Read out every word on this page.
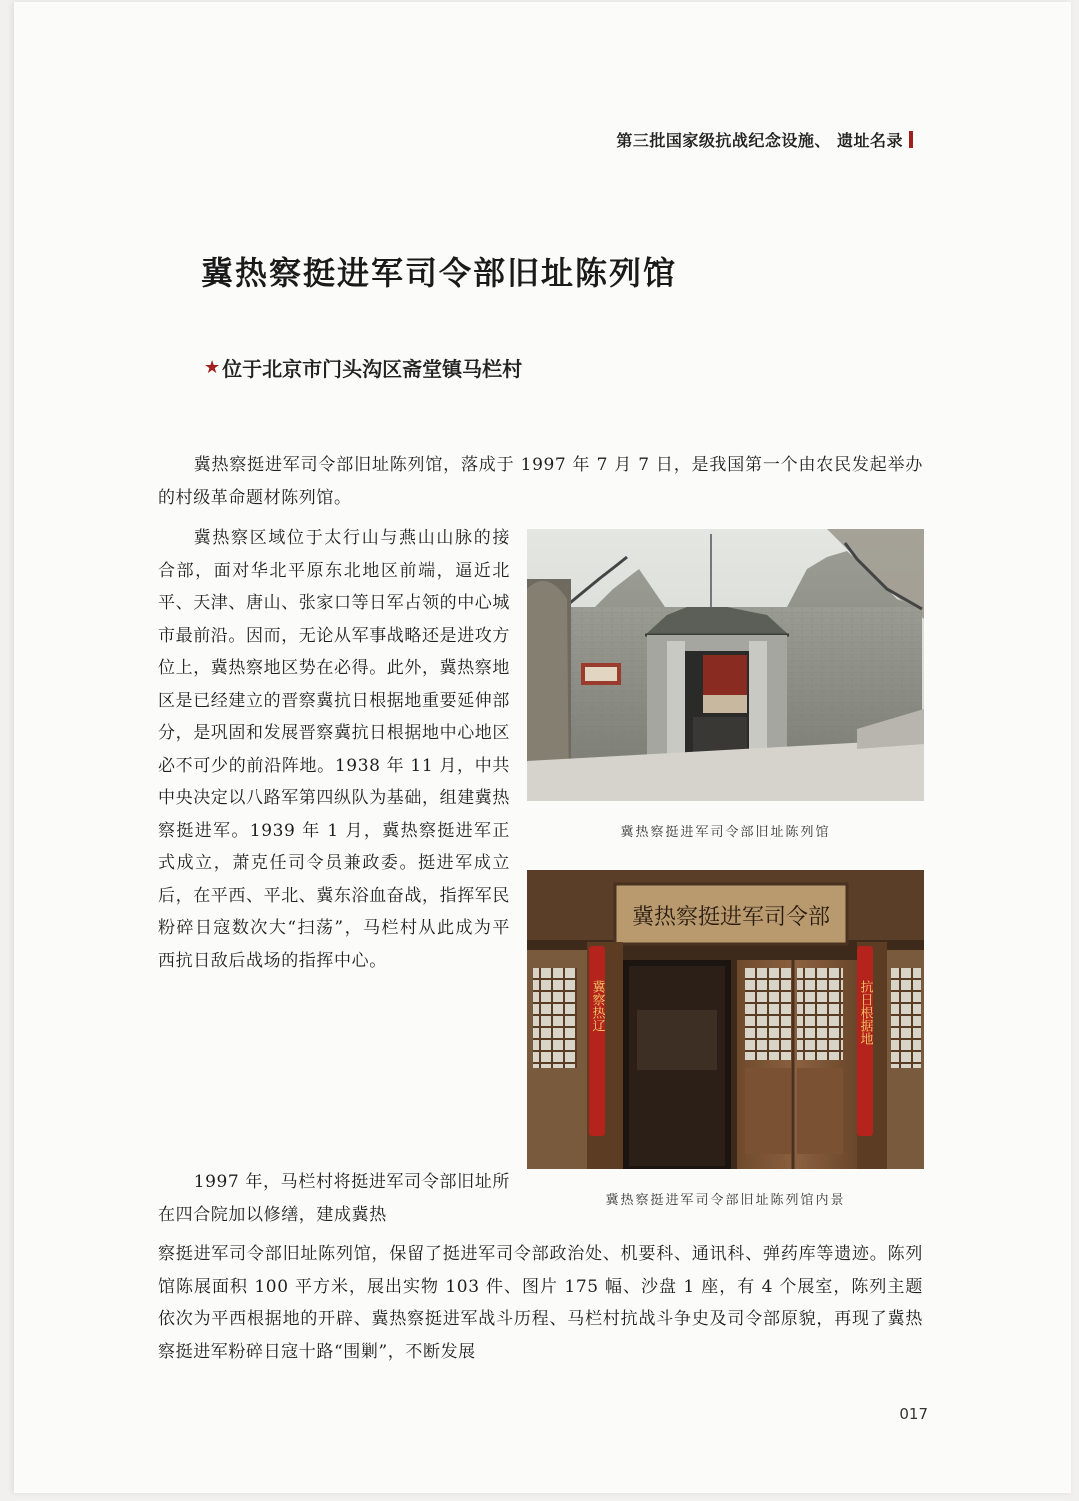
第三批国家级抗战纪念设施、 遗址名录
冀热察挺进军司令部旧址陈列馆
★ 位于北京市门头沟区斋堂镇马栏村

冀热察挺进军司令部旧址陈列馆，落成于 1997 年 7 月 7 日，是我国第一个由农民发起举办的村级革命题材陈列馆。

冀热察区域位于太行山与燕山山脉的接合部，面对华北平原东北地区前端，逼近北平、天津、唐山、张家口等日军占领的中心城市最前沿。因而，无论从军事战略还是进攻方位上，冀热察地区势在必得。此外，冀热察地区是已经建立的晋察冀抗日根据地重要延伸部分，是巩固和发展晋察冀抗日根据地中心地区必不可少的前沿阵地。1938 年 11 月，中共中央决定以八路军第四纵队为基础，组建冀热察挺进军。1939 年 1 月，冀热察挺进军正式成立，萧克任司令员兼政委。挺进军成立后，在平西、平北、冀东浴血奋战，指挥军民粉碎日寇数次大“扫荡”，马栏村从此成为平西抗日敌后战场的指挥中心。

1997 年，马栏村将挺进军司令部旧址所在四合院加以修缮，建成冀热

察挺进军司令部旧址陈列馆，保留了挺进军司令部政治处、机要科、通讯科、弹药库等遗迹。陈列馆陈展面积 100 平方米，展出实物 103 件、图片 175 幅、沙盘 1 座，有 4 个展室，陈列主题依次为平西根据地的开辟、冀热察挺进军战斗历程、马栏村抗战斗争史及司令部原貌，再现了冀热察挺进军粉碎日寇十路“围剿”，不断发展

冀热察挺进军司令部旧址陈列馆
冀热察挺进军司令部
冀察热辽	抗日根据地
冀热察挺进军司令部旧址陈列馆内景
017
